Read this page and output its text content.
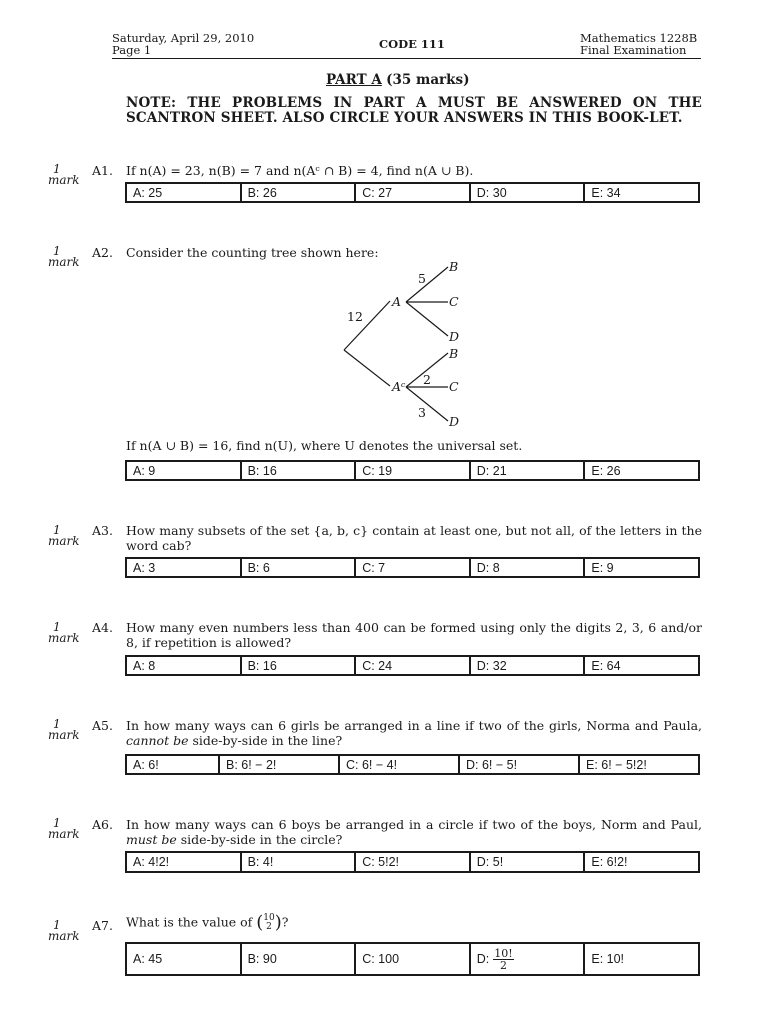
Saturday, April 29, 2010
Page 1	CODE 111	Mathematics 1228B
Final Examination
PART A (35 marks)
NOTE: THE PROBLEMS IN PART A MUST BE ANSWERED ON THE SCANTRON SHEET. ALSO CIRCLE YOUR ANSWERS IN THIS BOOK-LET.
1
mark
A1. If n(A) = 23, n(B) = 7 and n(Aᶜ ∩ B) = 4, find n(A ∪ B).
A: 25	B: 26	C: 27	D: 30	E: 34
1
mark
A2. Consider the counting tree shown here:
12
A
Aᶜ
5
2
3
B
C
D
B
C
D
If n(A ∪ B) = 16, find n(U), where U denotes the universal set.
A: 9	B: 16	C: 19	D: 21	E: 26
1
mark
A3. How many subsets of the set {a, b, c} contain at least one, but not all, of the letters in the word cab?
A: 3	B: 6	C: 7	D: 8	E: 9
1
mark
A4. How many even numbers less than 400 can be formed using only the digits 2, 3, 6 and/or 8, if repetition is allowed?
A: 8	B: 16	C: 24	D: 32	E: 64
1
mark
A5. In how many ways can 6 girls be arranged in a line if two of the girls, Norma and Paula, cannot be side-by-side in the line?
A: 6!	B: 6! − 2!	C: 6! − 4!	D: 6! − 5!	E: 6! − 5!2!
1
mark
A6. In how many ways can 6 boys be arranged in a circle if two of the boys, Norm and Paul, must be side-by-side in the circle?
A: 4!2!	B: 4!	C: 5!2!	D: 5!	E: 6!2!
1
mark
A7. What is the value of ( 10
2 ) ?
A: 45	B: 90	C: 100	D: $\frac{10!}{2}$	E: 10!
